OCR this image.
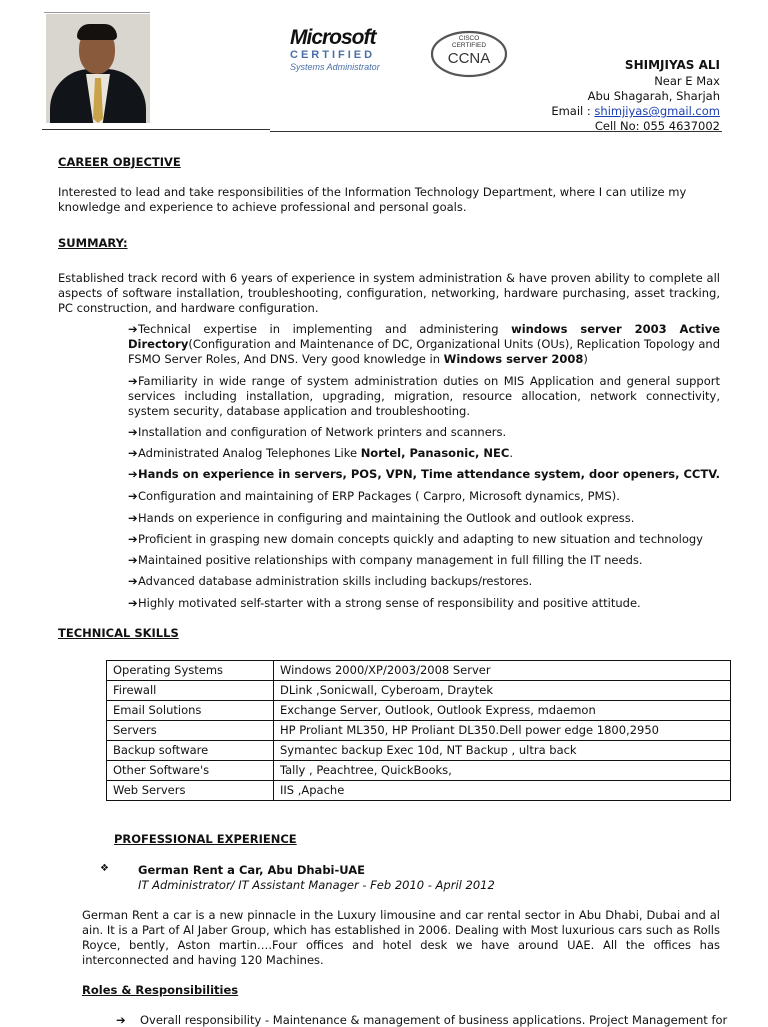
Microsoft
CERTIFIED
Systems Administrator
CISCO
CERTIFIED
CCNA	SHIMJIYAS ALI
Near E Max
Abu Shagarah, Sharjah
Email : shimjiyas@gmail.com
Cell No: 055 4637002
CAREER OBJECTIVE
Interested to lead and take responsibilities of the Information Technology Department, where I can utilize my knowledge and experience to achieve professional and personal goals.
SUMMARY:
Established track record with 6 years of experience in system administration & have proven ability to complete all aspects of software installation, troubleshooting, configuration, networking, hardware purchasing, asset tracking, PC construction, and hardware configuration.
➔Technical expertise in implementing and administering windows server 2003 Active Directory(Configuration and Maintenance of DC, Organizational Units (OUs), Replication Topology and FSMO Server Roles, And DNS. Very good knowledge in Windows server 2008)
➔Familiarity in wide range of system administration duties on MIS Application and general support services including installation, upgrading, migration, resource allocation, network connectivity, system security, database application and troubleshooting.
➔Installation and configuration of Network printers and scanners.
➔Administrated Analog Telephones Like Nortel, Panasonic, NEC.
➔Hands on experience in servers, POS, VPN, Time attendance system, door openers, CCTV.
➔Configuration and maintaining of ERP Packages ( Carpro, Microsoft dynamics, PMS).
➔Hands on experience in configuring and maintaining the Outlook and outlook express.
➔Proficient in grasping new domain concepts quickly and adapting to new situation and technology
➔Maintained positive relationships with company management in full filling the IT needs.
➔Advanced database administration skills including backups/restores.
➔Highly motivated self-starter with a strong sense of responsibility and positive attitude.
TECHNICAL SKILLS
Operating Systems	Windows 2000/XP/2003/2008 Server
Firewall	DLink ,Sonicwall, Cyberoam, Draytek
Email Solutions	Exchange Server, Outlook, Outlook Express, mdaemon
Servers	HP Proliant ML350, HP Proliant DL350.Dell power edge 1800,2950
Backup software	Symantec backup Exec 10d, NT Backup , ultra back
Other Software's	Tally , Peachtree, QuickBooks,
Web Servers	IIS ,Apache
PROFESSIONAL EXPERIENCE
❖	German Rent a Car, Abu Dhabi-UAE
IT Administrator/ IT Assistant Manager - Feb 2010 - April 2012
German Rent a car is a new pinnacle in the Luxury limousine and car rental sector in Abu Dhabi, Dubai and al ain. It is a Part of Al Jaber Group, which has established in 2006. Dealing with Most luxurious cars such as Rolls Royce, bently, Aston martin….Four offices and hotel desk we have around UAE. All the offices has interconnected and having 120 Machines.
Roles & Responsibilities
➔ Overall responsibility - Maintenance & management of business applications. Project Management for
